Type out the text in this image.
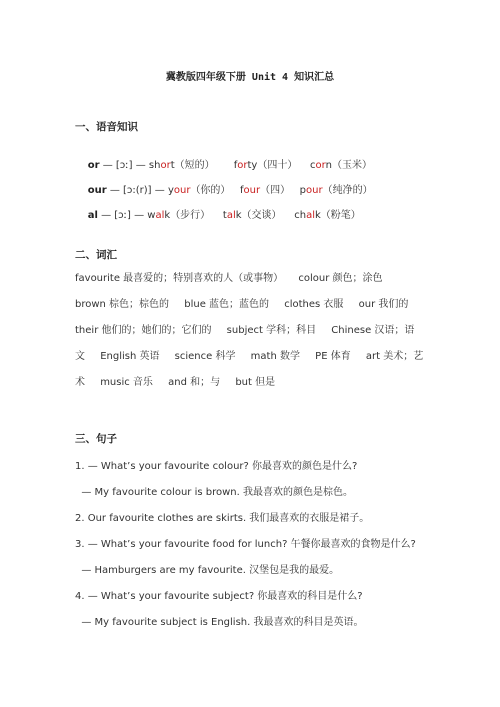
冀教版四年级下册 Unit 4 知识汇总
一、语音知识

or — [ɔː] — short（短的） forty（四十） corn（玉米）

our — [ɔ:(r)] — your（你的） four（四） pour（纯净的）

al — [ɔː] — walk（步行） talk（交谈） chalk（粉笔）

二、词汇
favourite 最喜爱的；特别喜欢的人（或事物） colour 颜色；涂色 brown 棕色；棕色的 blue 蓝色；蓝色的 clothes 衣服 our 我们的 their 他们的；她们的；它们的 subject 学科；科目 Chinese 汉语；语文 English 英语 science 科学 math 数学 PE 体育 art 美术；艺术 music 音乐 and 和；与 but 但是
三、句子
1. — What’s your favourite colour? 你最喜欢的颜色是什么?
— My favourite colour is brown. 我最喜欢的颜色是棕色。
2. Our favourite clothes are skirts. 我们最喜欢的衣服是裙子。
3. — What’s your favourite food for lunch? 午餐你最喜欢的食物是什么?
— Hamburgers are my favourite. 汉堡包是我的最爱。
4. — What’s your favourite subject? 你最喜欢的科目是什么?
— My favourite subject is English. 我最喜欢的科目是英语。
